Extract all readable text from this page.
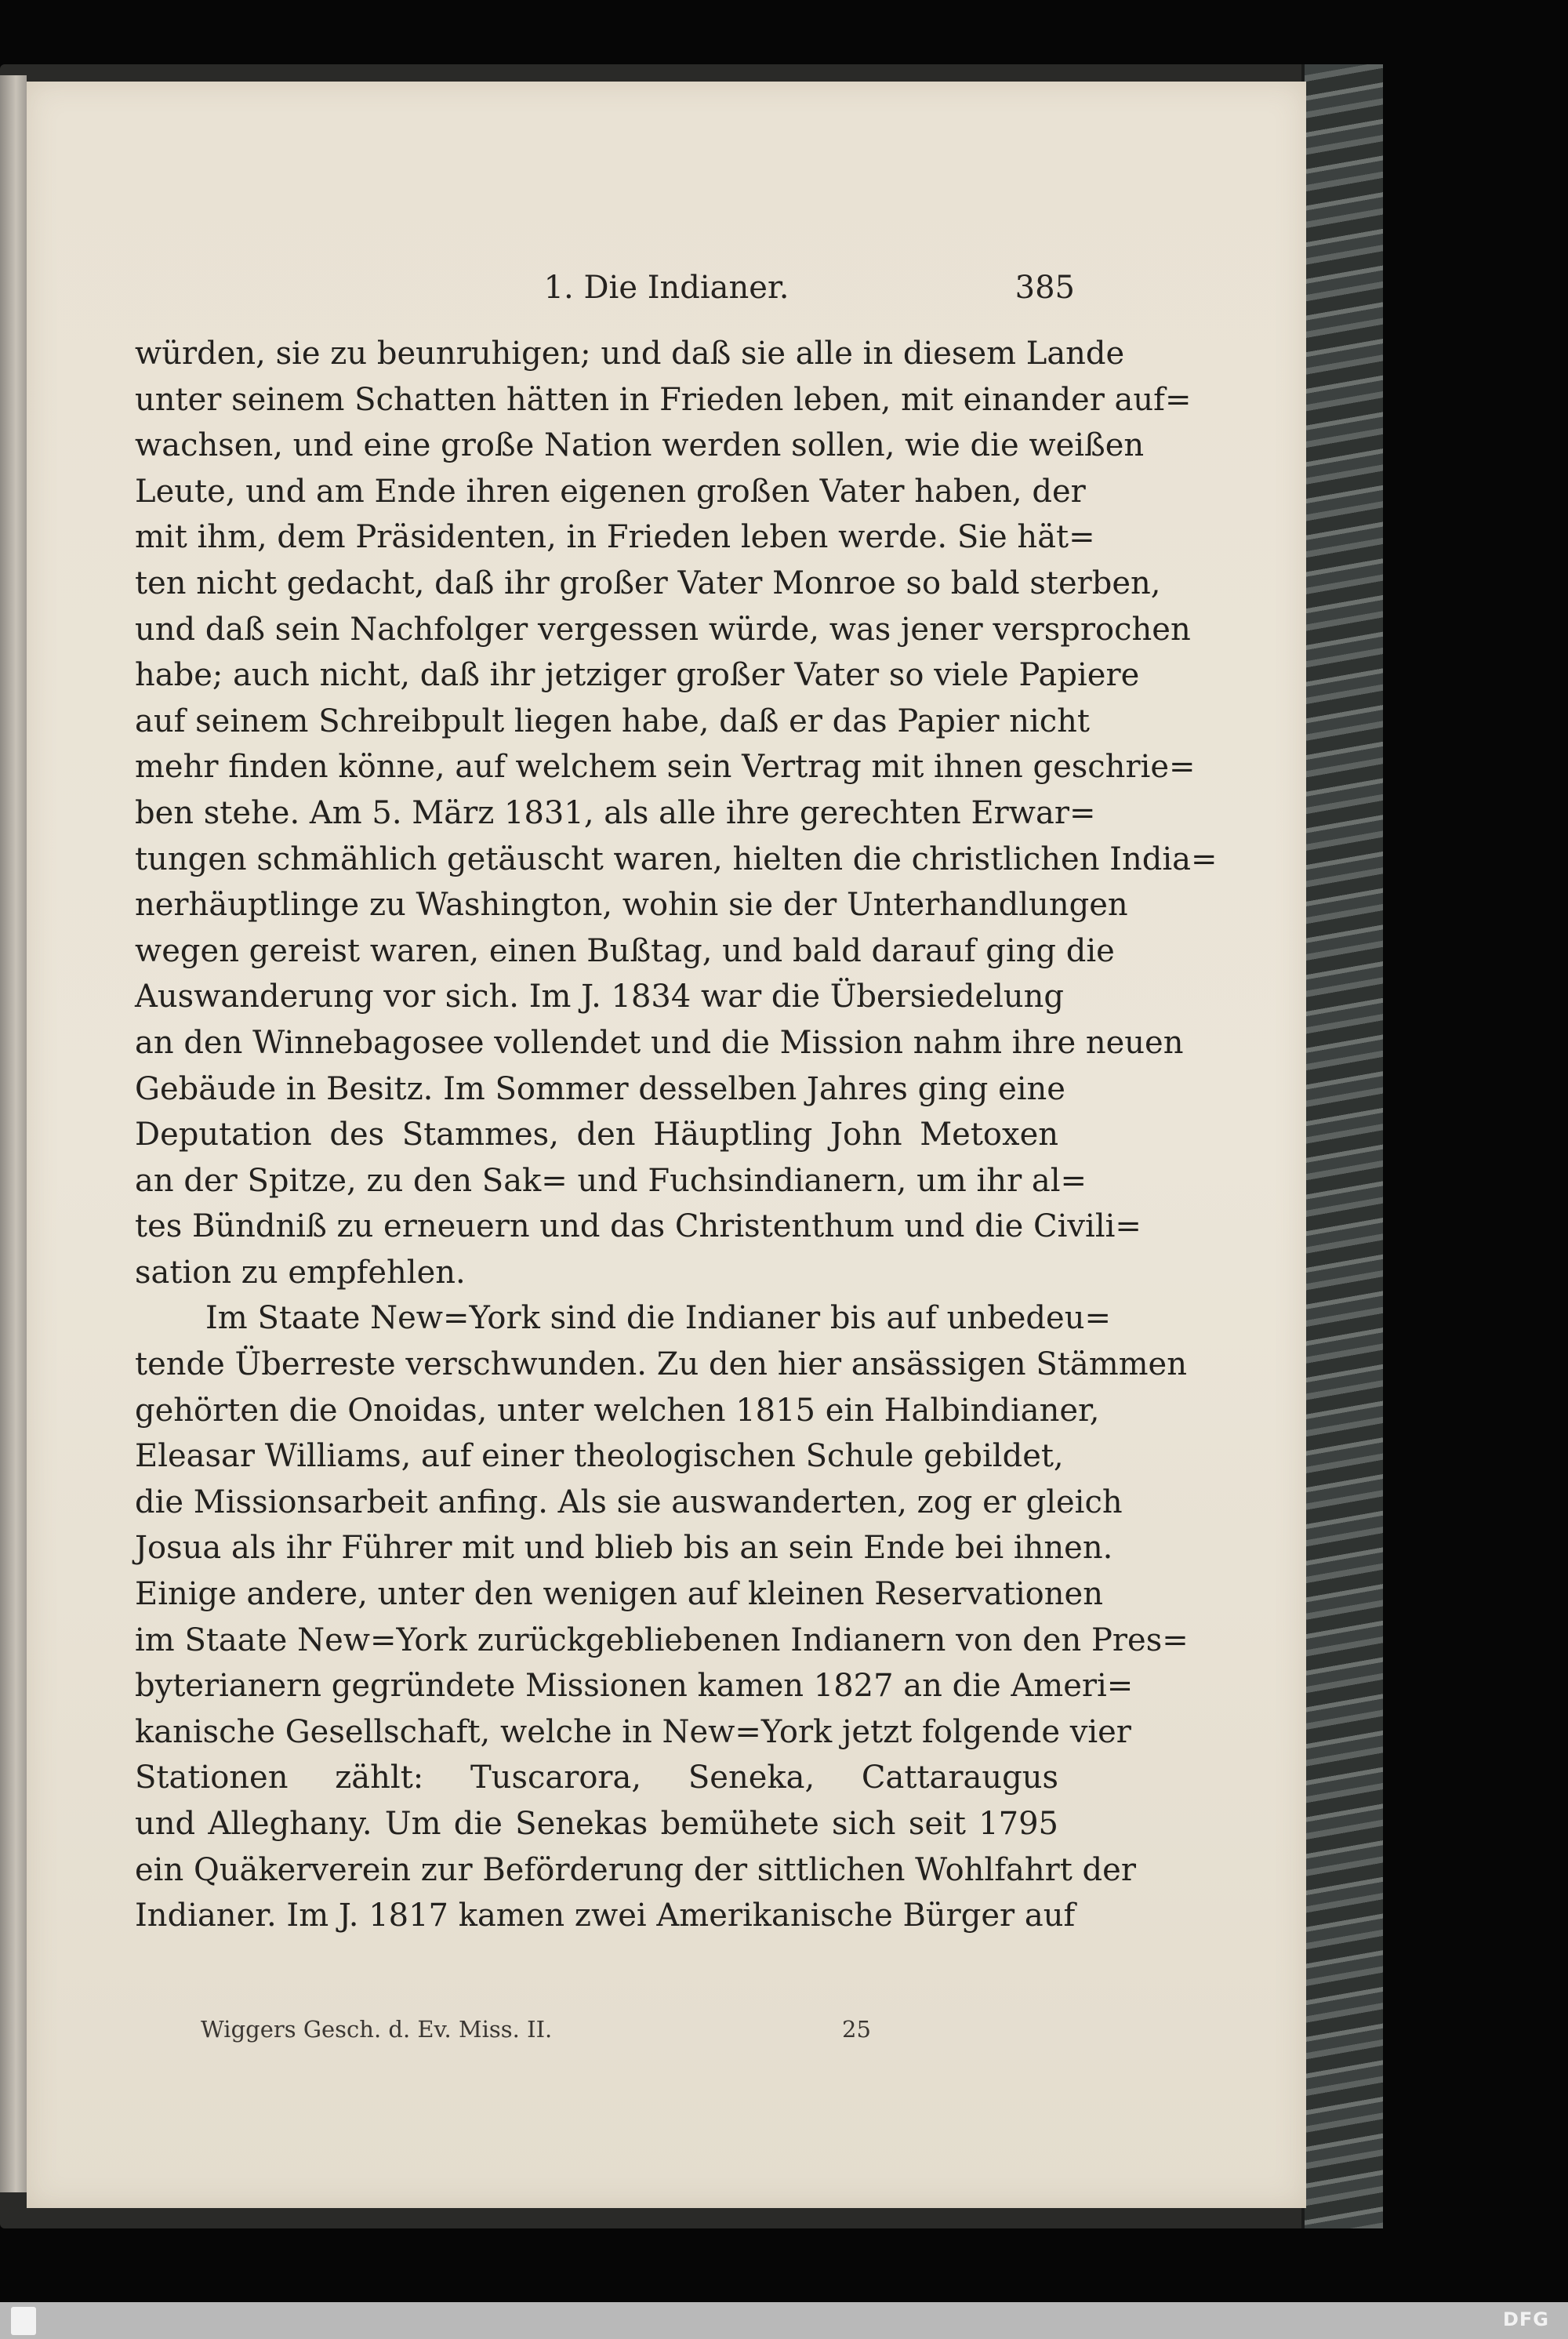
1. Die Indianer.	385
würden, sie zu beunruhigen; und daß sie alle in diesem Lande
unter seinem Schatten hätten in Frieden leben, mit einander auf=
wachsen, und eine große Nation werden sollen, wie die weißen
Leute, und am Ende ihren eigenen großen Vater haben, der
mit ihm, dem Präsidenten, in Frieden leben werde. Sie hät=
ten nicht gedacht, daß ihr großer Vater Monroe so bald sterben,
und daß sein Nachfolger vergessen würde, was jener versprochen
habe; auch nicht, daß ihr jetziger großer Vater so viele Papiere
auf seinem Schreibpult liegen habe, daß er das Papier nicht
mehr finden könne, auf welchem sein Vertrag mit ihnen geschrie=
ben stehe. Am 5. März 1831, als alle ihre gerechten Erwar=
tungen schmählich getäuscht waren, hielten die christlichen India=
nerhäuptlinge zu Washington, wohin sie der Unterhandlungen
wegen gereist waren, einen Bußtag, und bald darauf ging die
Auswanderung vor sich. Im J. 1834 war die Übersiedelung
an den Winnebagosee vollendet und die Mission nahm ihre neuen
Gebäude in Besitz. Im Sommer desselben Jahres ging eine
Deputation des Stammes, den Häuptling John Metoxen
an der Spitze, zu den Sak= und Fuchsindianern, um ihr al=
tes Bündniß zu erneuern und das Christenthum und die Civili=
sation zu empfehlen.
Im Staate New=York sind die Indianer bis auf unbedeu=
tende Überreste verschwunden. Zu den hier ansässigen Stämmen
gehörten die Onoidas, unter welchen 1815 ein Halbindianer,
Eleasar Williams, auf einer theologischen Schule gebildet,
die Missionsarbeit anfing. Als sie auswanderten, zog er gleich
Josua als ihr Führer mit und blieb bis an sein Ende bei ihnen.
Einige andere, unter den wenigen auf kleinen Reservationen
im Staate New=York zurückgebliebenen Indianern von den Pres=
byterianern gegründete Missionen kamen 1827 an die Ameri=
kanische Gesellschaft, welche in New=York jetzt folgende vier
Stationen zählt: Tuscarora, Seneka, Cattaraugus
und Alleghany. Um die Senekas bemühete sich seit 1795
ein Quäkerverein zur Beförderung der sittlichen Wohlfahrt der
Indianer. Im J. 1817 kamen zwei Amerikanische Bürger auf
Wiggers Gesch. d. Ev. Miss. II.	25
DFG
